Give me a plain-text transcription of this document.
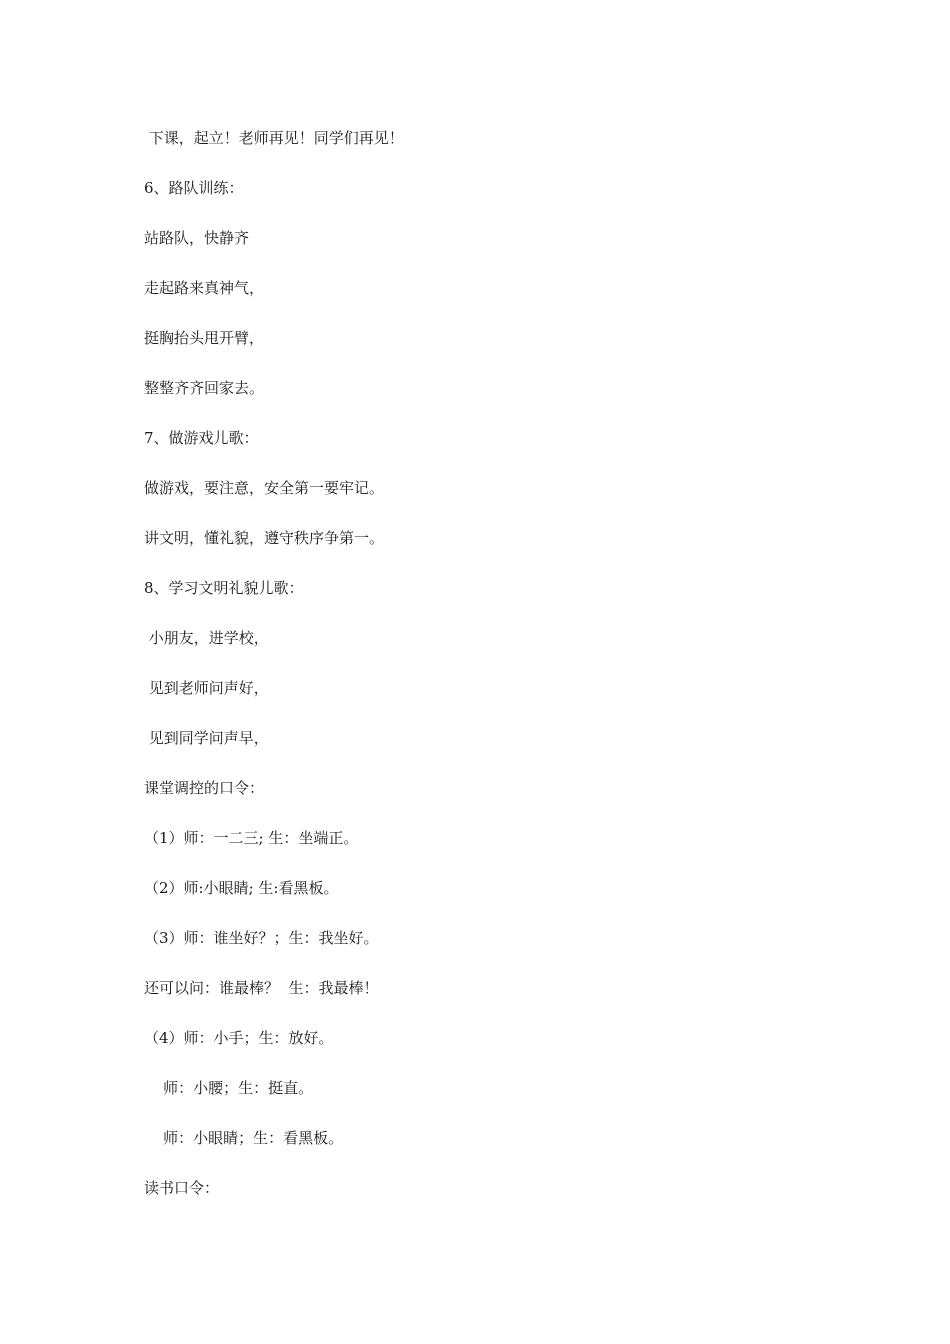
下课，起立！老师再见！同学们再见！
6、路队训练：
站路队，快静齐
走起路来真神气，
挺胸抬头甩开臂，
整整齐齐回家去。
7、做游戏儿歌：
做游戏，要注意，安全第一要牢记。
讲文明，懂礼貌，遵守秩序争第一。
8、学习文明礼貌儿歌：
小朋友，进学校，
见到老师问声好，
见到同学问声早，
课堂调控的口令：
（1）师：一二三; 生：坐端正。
（2）师:小眼睛; 生:看黑板。
（3）师：谁坐好？；生：我坐好。
还可以问：谁最棒？  生：我最棒！
（4）师：小手；生：放好。
师：小腰；生：挺直。
师：小眼睛；生：看黑板。
读书口令：
